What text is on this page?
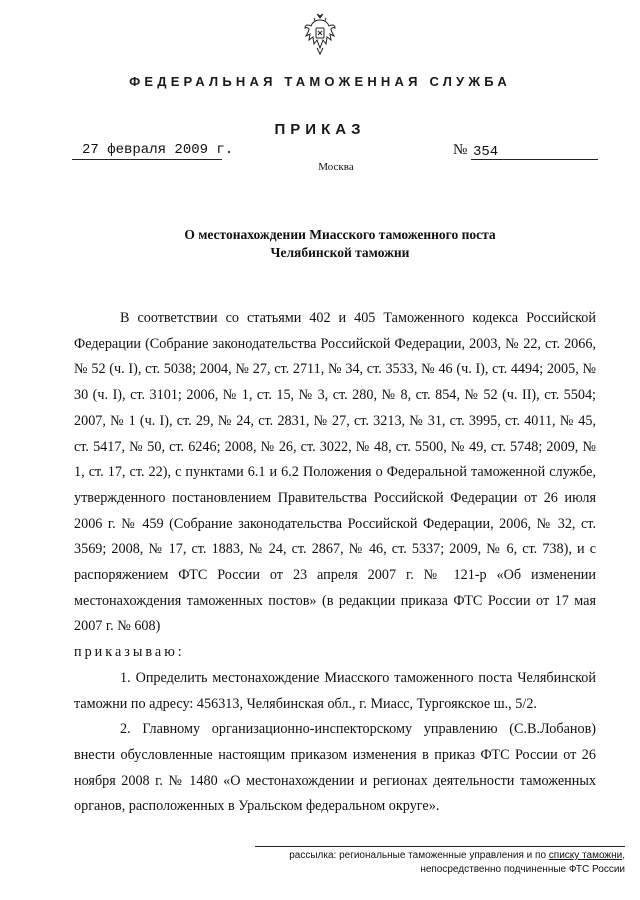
ФЕДЕРАЛЬНАЯ ТАМОЖЕННАЯ СЛУЖБА
ПРИКАЗ
27 февраля 2009 г.	№ 354
Москва
О местонахождении Миасского таможенного поста
Челябинской таможни

В соответствии со статьями 402 и 405 Таможенного кодекса Российской Федерации (Собрание законодательства Российской Федерации, 2003, № 22, ст. 2066, № 52 (ч. I), ст. 5038; 2004, № 27, ст. 2711, № 34, ст. 3533, № 46 (ч. I), ст. 4494; 2005, № 30 (ч. I), ст. 3101; 2006, № 1, ст. 15, № 3, ст. 280, № 8, ст. 854, № 52 (ч. II), ст. 5504; 2007, № 1 (ч. I), ст. 29, № 24, ст. 2831, № 27, ст. 3213, № 31, ст. 3995, ст. 4011, № 45, ст. 5417, № 50, ст. 6246; 2008, № 26, ст. 3022, № 48, ст. 5500, № 49, ст. 5748; 2009, № 1, ст. 17, ст. 22), с пунктами 6.1 и 6.2 Положения о Федеральной таможенной службе, утвержденного постановлением Правительства Российской Федерации от 26 июля 2006 г. № 459 (Собрание законодательства Российской Федерации, 2006, № 32, ст. 3569; 2008, № 17, ст. 1883, № 24, ст. 2867, № 46, ст. 5337; 2009, № 6, ст. 738), и с распоряжением ФТС России от 23 апреля 2007 г. № 121-р «Об изменении местонахождения таможенных постов» (в редакции приказа ФТС России от 17 мая 2007 г. № 608)

приказываю:

1. Определить местонахождение Миасского таможенного поста Челябинской таможни по адресу: 456313, Челябинская обл., г. Миасс, Тургоякское ш., 5/2.

2. Главному организационно-инспекторскому управлению (С.В.Лобанов) внести обусловленные настоящим приказом изменения в приказ ФТС России от 26 ноября 2008 г. № 1480 «О местонахождении и регионах деятельности таможенных органов, расположенных в Уральском федеральном округе».

рассылка: региональные таможенные управления и по списку таможни,
непосредственно подчиненные ФТС России
